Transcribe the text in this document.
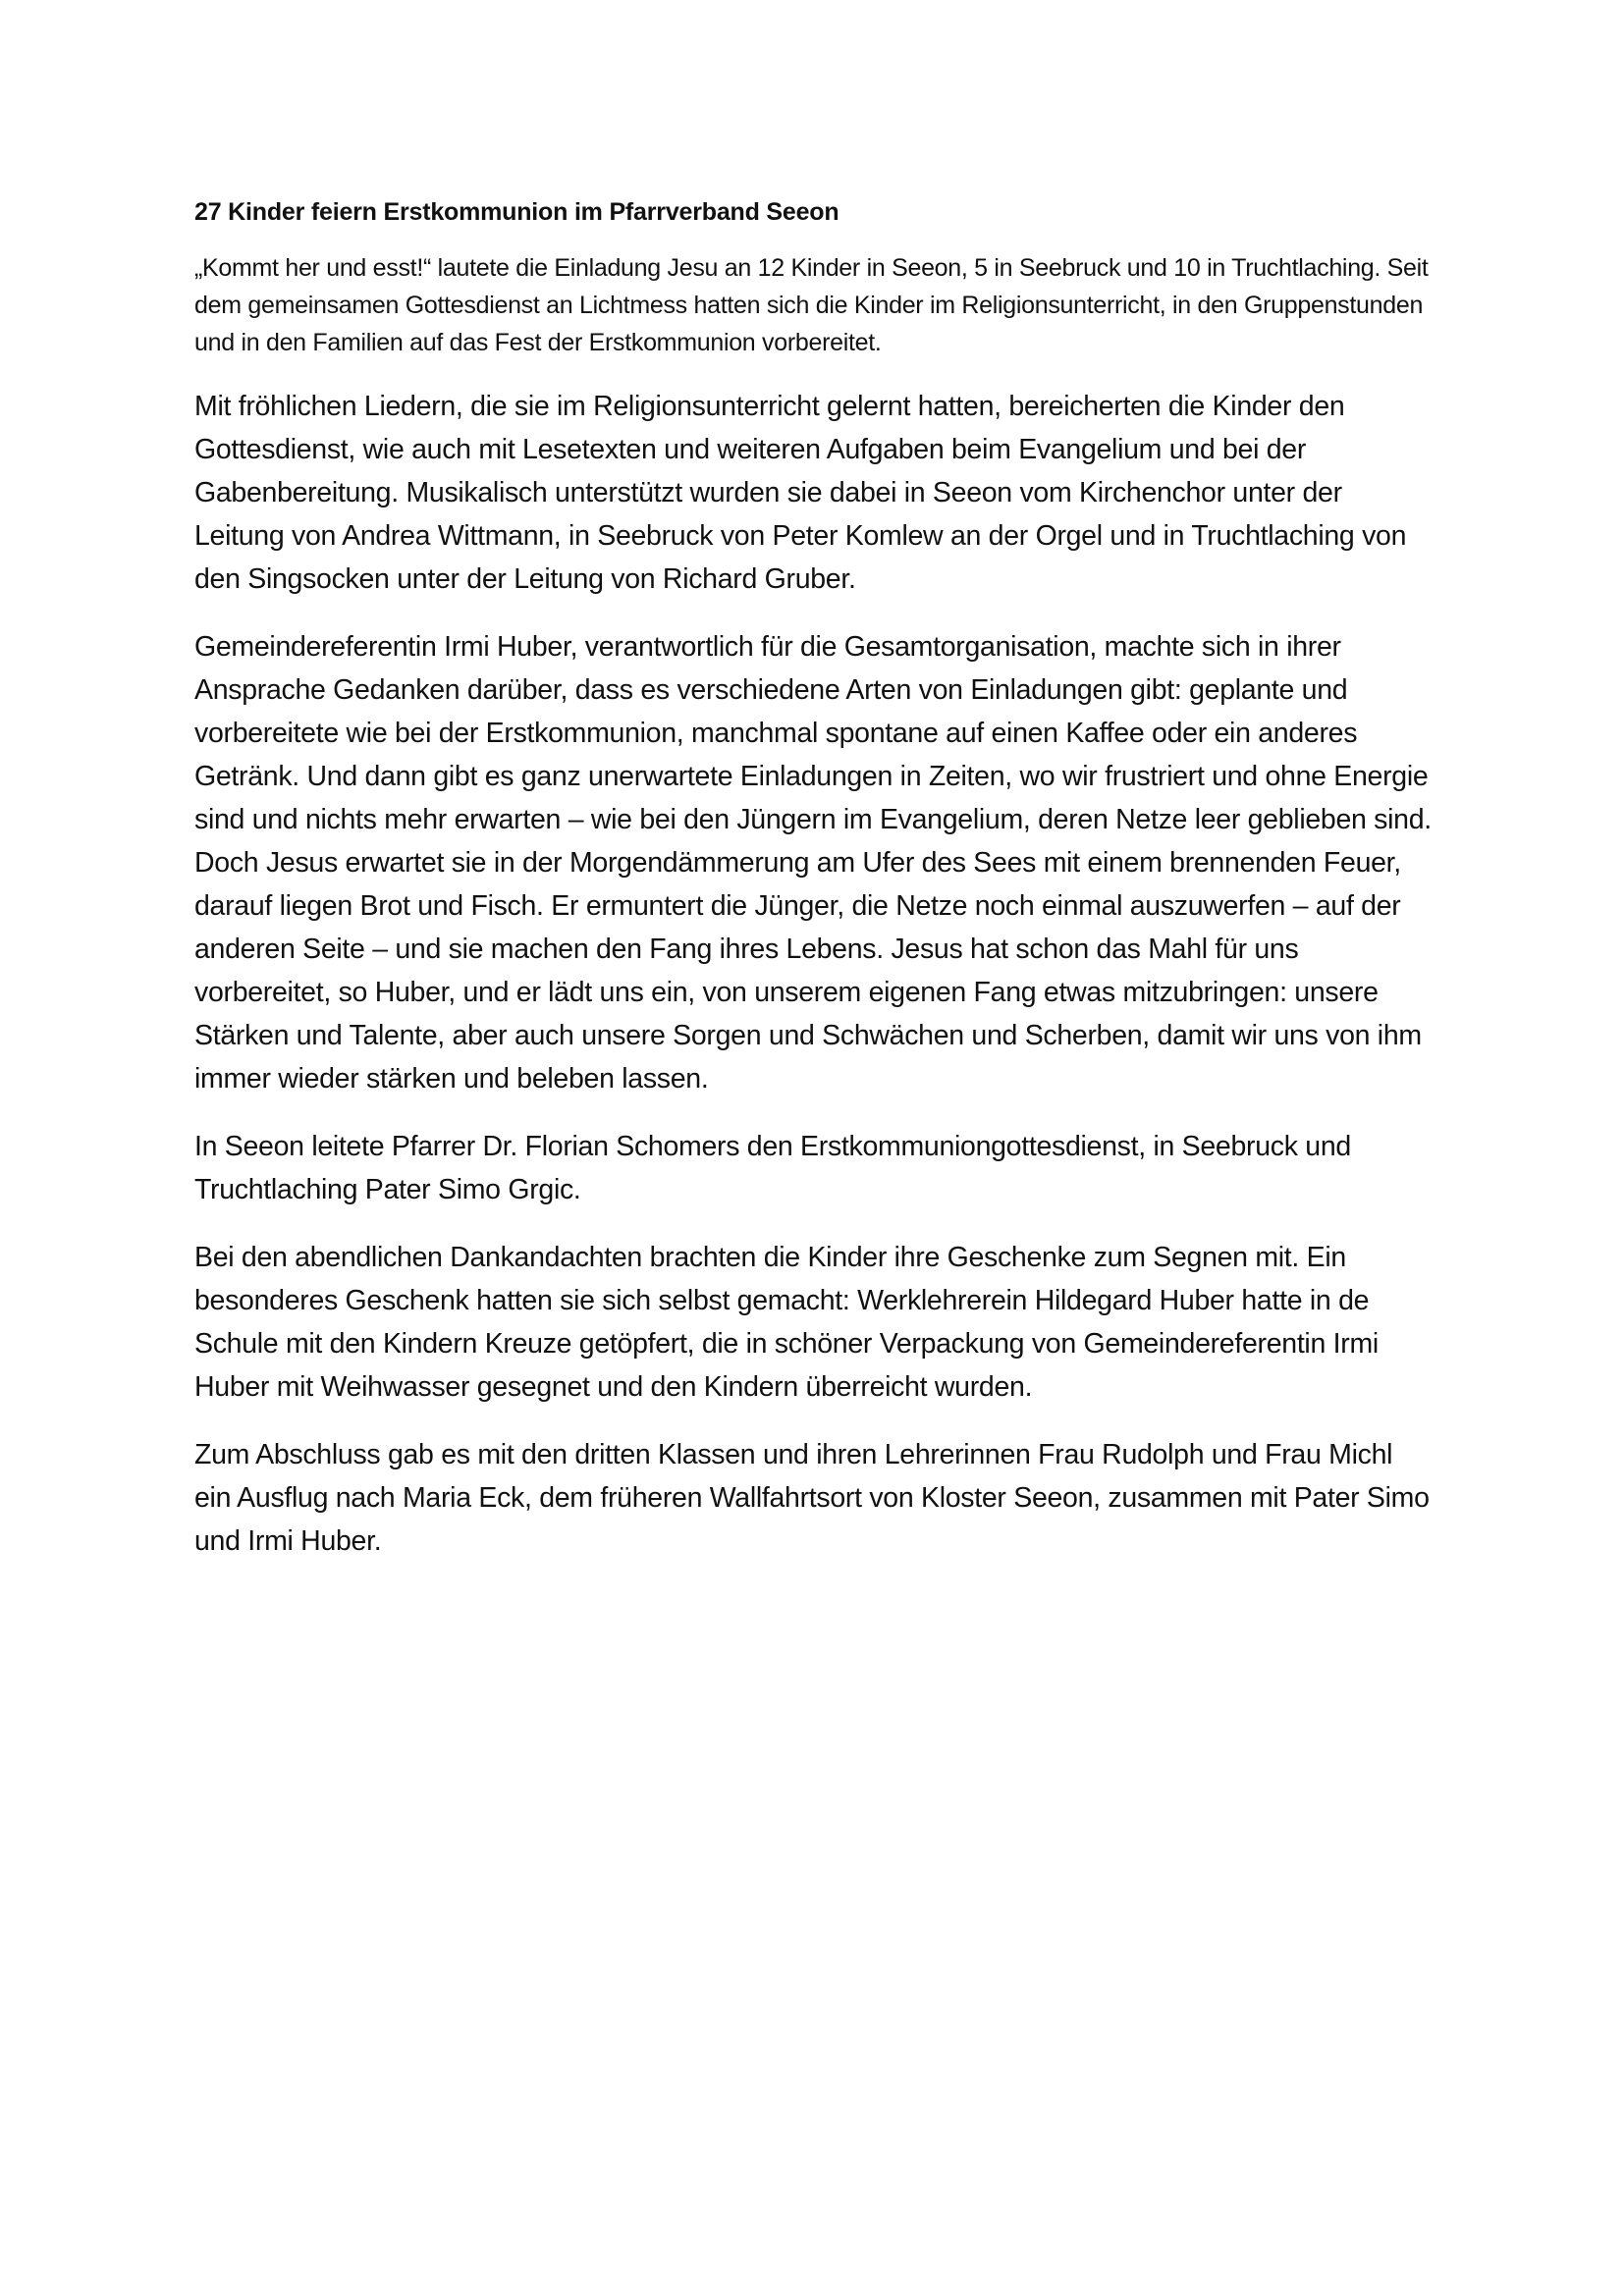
27 Kinder feiern Erstkommunion im Pfarrverband Seeon

„Kommt her und esst!“ lautete die Einladung Jesu an 12 Kinder in Seeon, 5 in Seebruck und 10 in Truchtlaching. Seit dem gemeinsamen Gottesdienst an Lichtmess hatten sich die Kinder im Religionsunterricht, in den Gruppenstunden und in den Familien auf das Fest der Erstkommunion vorbereitet.

Mit fröhlichen Liedern, die sie im Religionsunterricht gelernt hatten, bereicherten die Kinder den Gottesdienst, wie auch mit Lesetexten und weiteren Aufgaben beim Evangelium und bei der Gabenbereitung. Musikalisch unterstützt wurden sie dabei in Seeon vom Kirchenchor unter der Leitung von Andrea Wittmann, in Seebruck von Peter Komlew an der Orgel und in Truchtlaching von den Singsocken unter der Leitung von Richard Gruber.

Gemeindereferentin Irmi Huber, verantwortlich für die Gesamtorganisation, machte sich in ihrer Ansprache Gedanken darüber, dass es verschiedene Arten von Einladungen gibt: geplante und vorbereitete wie bei der Erstkommunion, manchmal spontane auf einen Kaffee oder ein anderes Getränk. Und dann gibt es ganz unerwartete Einladungen in Zeiten, wo wir frustriert und ohne Energie sind und nichts mehr erwarten – wie bei den Jüngern im Evangelium, deren Netze leer geblieben sind. Doch Jesus erwartet sie in der Morgendämmerung am Ufer des Sees mit einem brennenden Feuer, darauf liegen Brot und Fisch. Er ermuntert die Jünger, die Netze noch einmal auszuwerfen – auf der anderen Seite – und sie machen den Fang ihres Lebens. Jesus hat schon das Mahl für uns vorbereitet, so Huber, und er lädt uns ein, von unserem eigenen Fang etwas mitzubringen: unsere Stärken und Talente, aber auch unsere Sorgen und Schwächen und Scherben, damit wir uns von ihm immer wieder stärken und beleben lassen.

In Seeon leitete Pfarrer Dr. Florian Schomers den Erstkommuniongottesdienst, in Seebruck und Truchtlaching Pater Simo Grgic.

Bei den abendlichen Dankandachten brachten die Kinder ihre Geschenke zum Segnen mit. Ein besonderes Geschenk hatten sie sich selbst gemacht: Werklehrerein Hildegard Huber hatte in de Schule mit den Kindern Kreuze getöpfert, die in schöner Verpackung von Gemeindereferentin Irmi Huber mit Weihwasser gesegnet und den Kindern überreicht wurden.

Zum Abschluss gab es mit den dritten Klassen und ihren Lehrerinnen Frau Rudolph und Frau Michl ein Ausflug nach Maria Eck, dem früheren Wallfahrtsort von Kloster Seeon, zusammen mit Pater Simo und Irmi Huber.
